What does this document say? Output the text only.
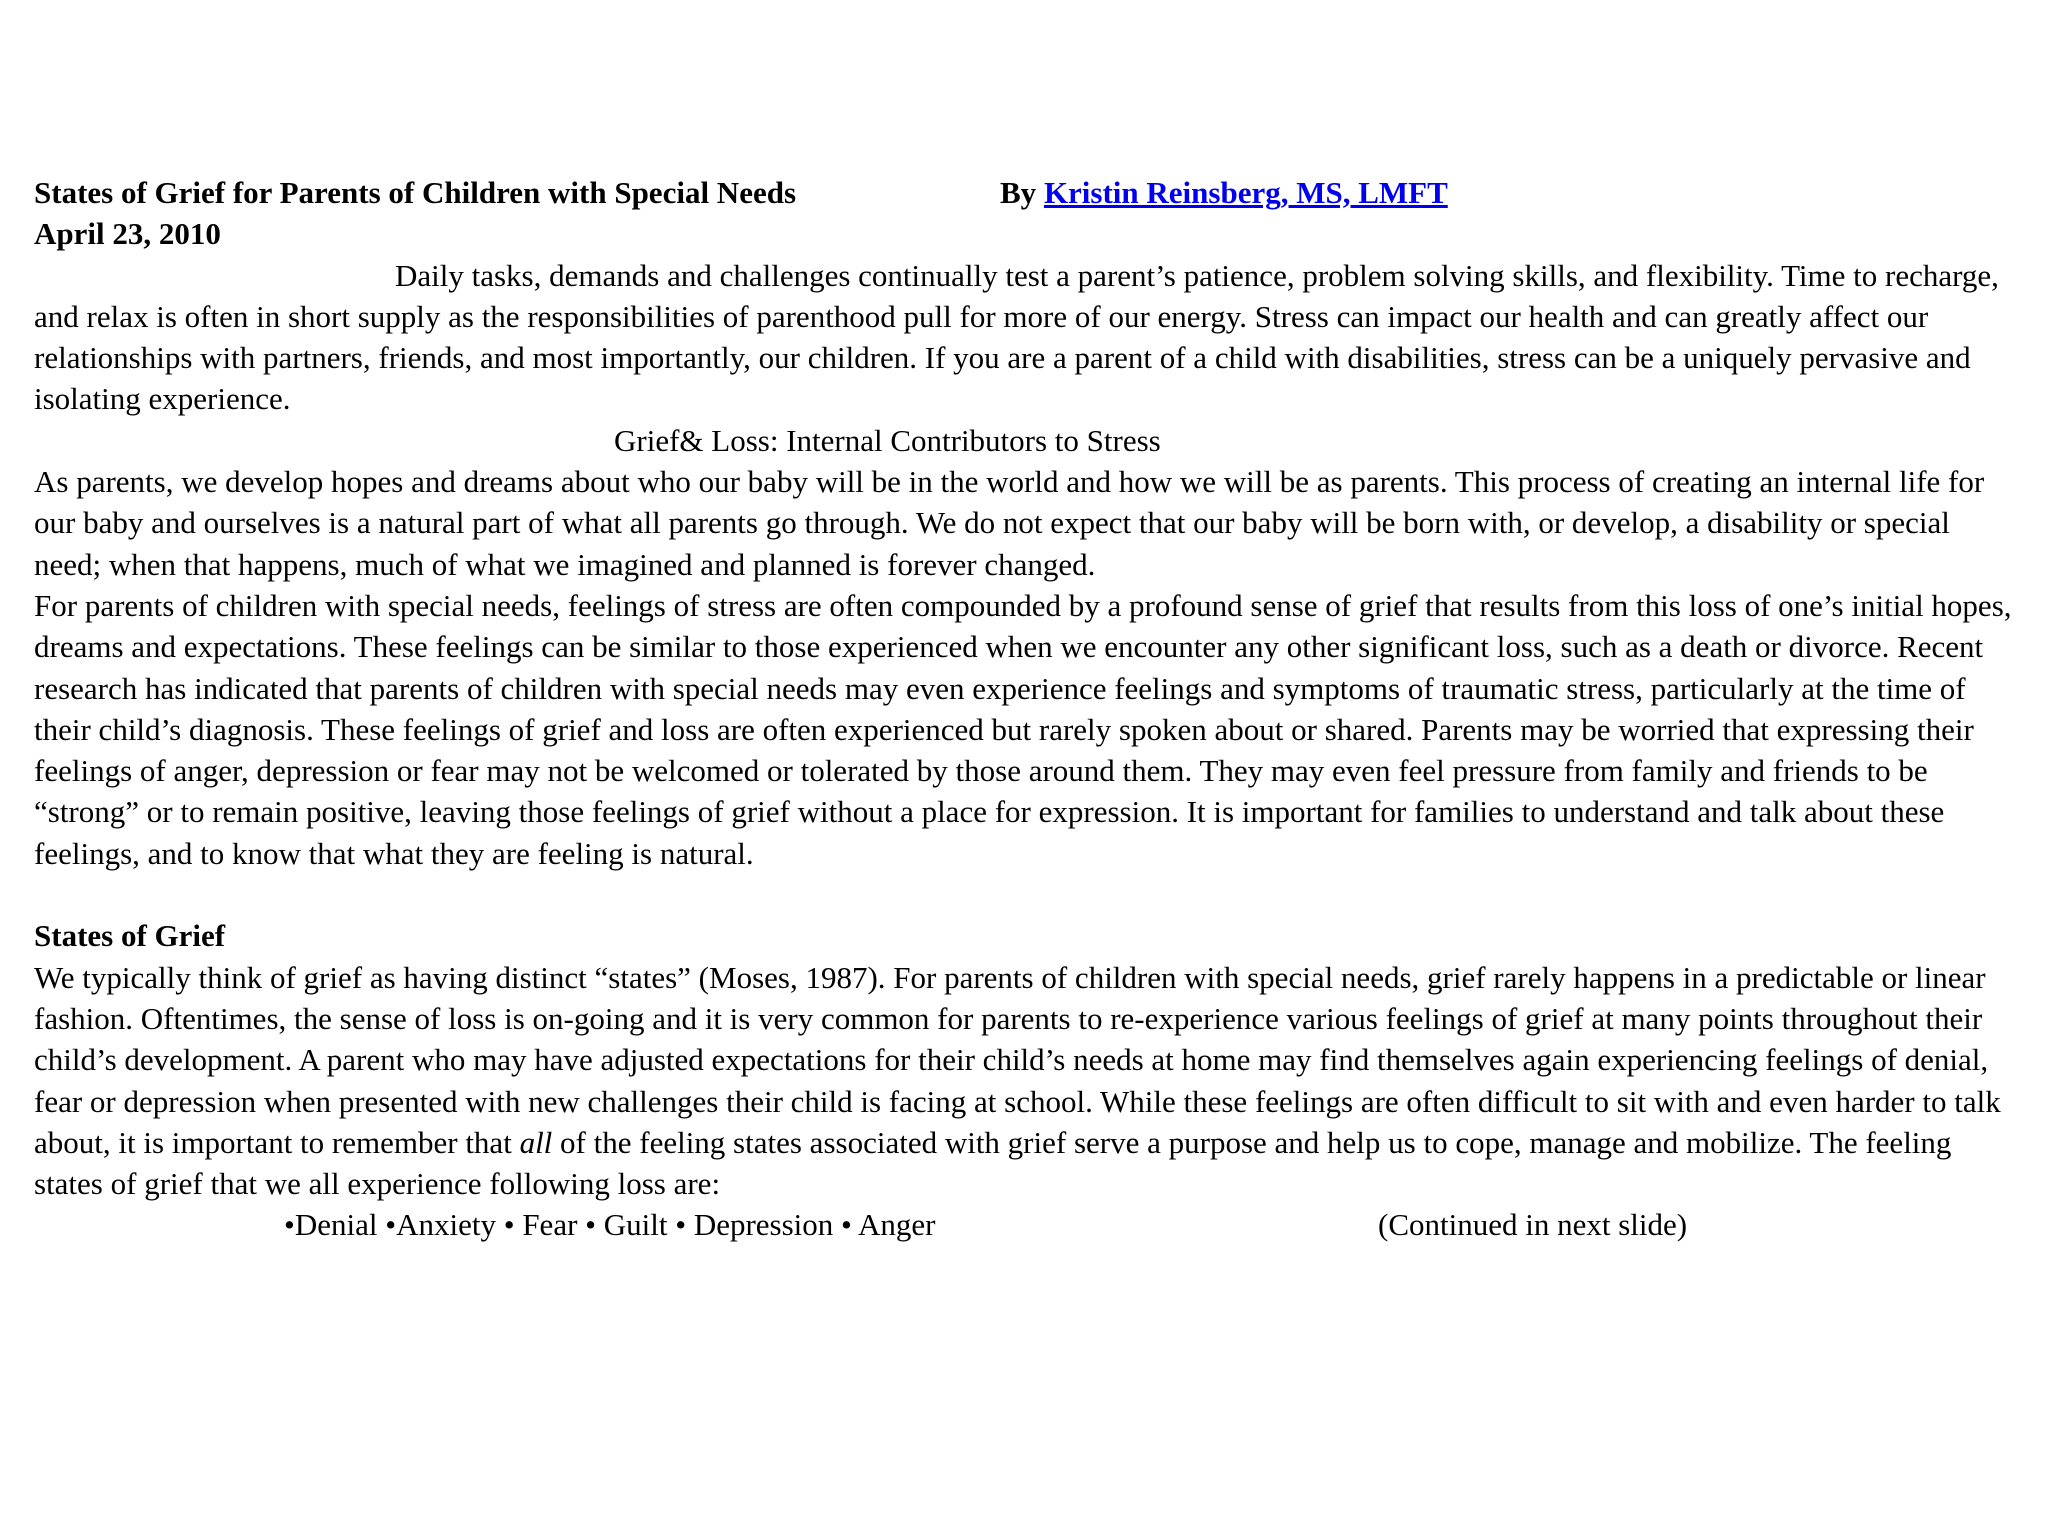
States of Grief for Parents of Children with Special Needs	By Kristin Reinsberg, MS, LMFT
April 23, 2010

Daily tasks, demands and challenges continually test a parent’s patience, problem solving skills, and flexibility. Time to recharge, and relax is often in short supply as the responsibilities of parenthood pull for more of our energy. Stress can impact our health and can greatly affect our relationships with partners, friends, and most importantly, our children. If you are a parent of a child with disabilities, stress can be a uniquely pervasive and isolating experience.

Grief& Loss: Internal Contributors to Stress

As parents, we develop hopes and dreams about who our baby will be in the world and how we will be as parents. This process of creating an internal life for our baby and ourselves is a natural part of what all parents go through. We do not expect that our baby will be born with, or develop, a disability or special need; when that happens, much of what we imagined and planned is forever changed.

For parents of children with special needs, feelings of stress are often compounded by a profound sense of grief that results from this loss of one’s initial hopes, dreams and expectations. These feelings can be similar to those experienced when we encounter any other significant loss, such as a death or divorce. Recent research has indicated that parents of children with special needs may even experience feelings and symptoms of traumatic stress, particularly at the time of their child’s diagnosis. These feelings of grief and loss are often experienced but rarely spoken about or shared. Parents may be worried that expressing their feelings of anger, depression or fear may not be welcomed or tolerated by those around them. They may even feel pressure from family and friends to be “strong” or to remain positive, leaving those feelings of grief without a place for expression. It is important for families to understand and talk about these feelings, and to know that what they are feeling is natural.

States of Grief

We typically think of grief as having distinct “states” (Moses, 1987). For parents of children with special needs, grief rarely happens in a predictable or linear fashion. Oftentimes, the sense of loss is on-going and it is very common for parents to re-experience various feelings of grief at many points throughout their child’s development. A parent who may have adjusted expectations for their child’s needs at home may find themselves again experiencing feelings of denial, fear or depression when presented with new challenges their child is facing at school. While these feelings are often difficult to sit with and even harder to talk about, it is important to remember that all of the feeling states associated with grief serve a purpose and help us to cope, manage and mobilize. The feeling states of grief that we all experience following loss are:

•Denial •Anxiety • Fear • Guilt • Depression • Anger	(Continued in next slide)
